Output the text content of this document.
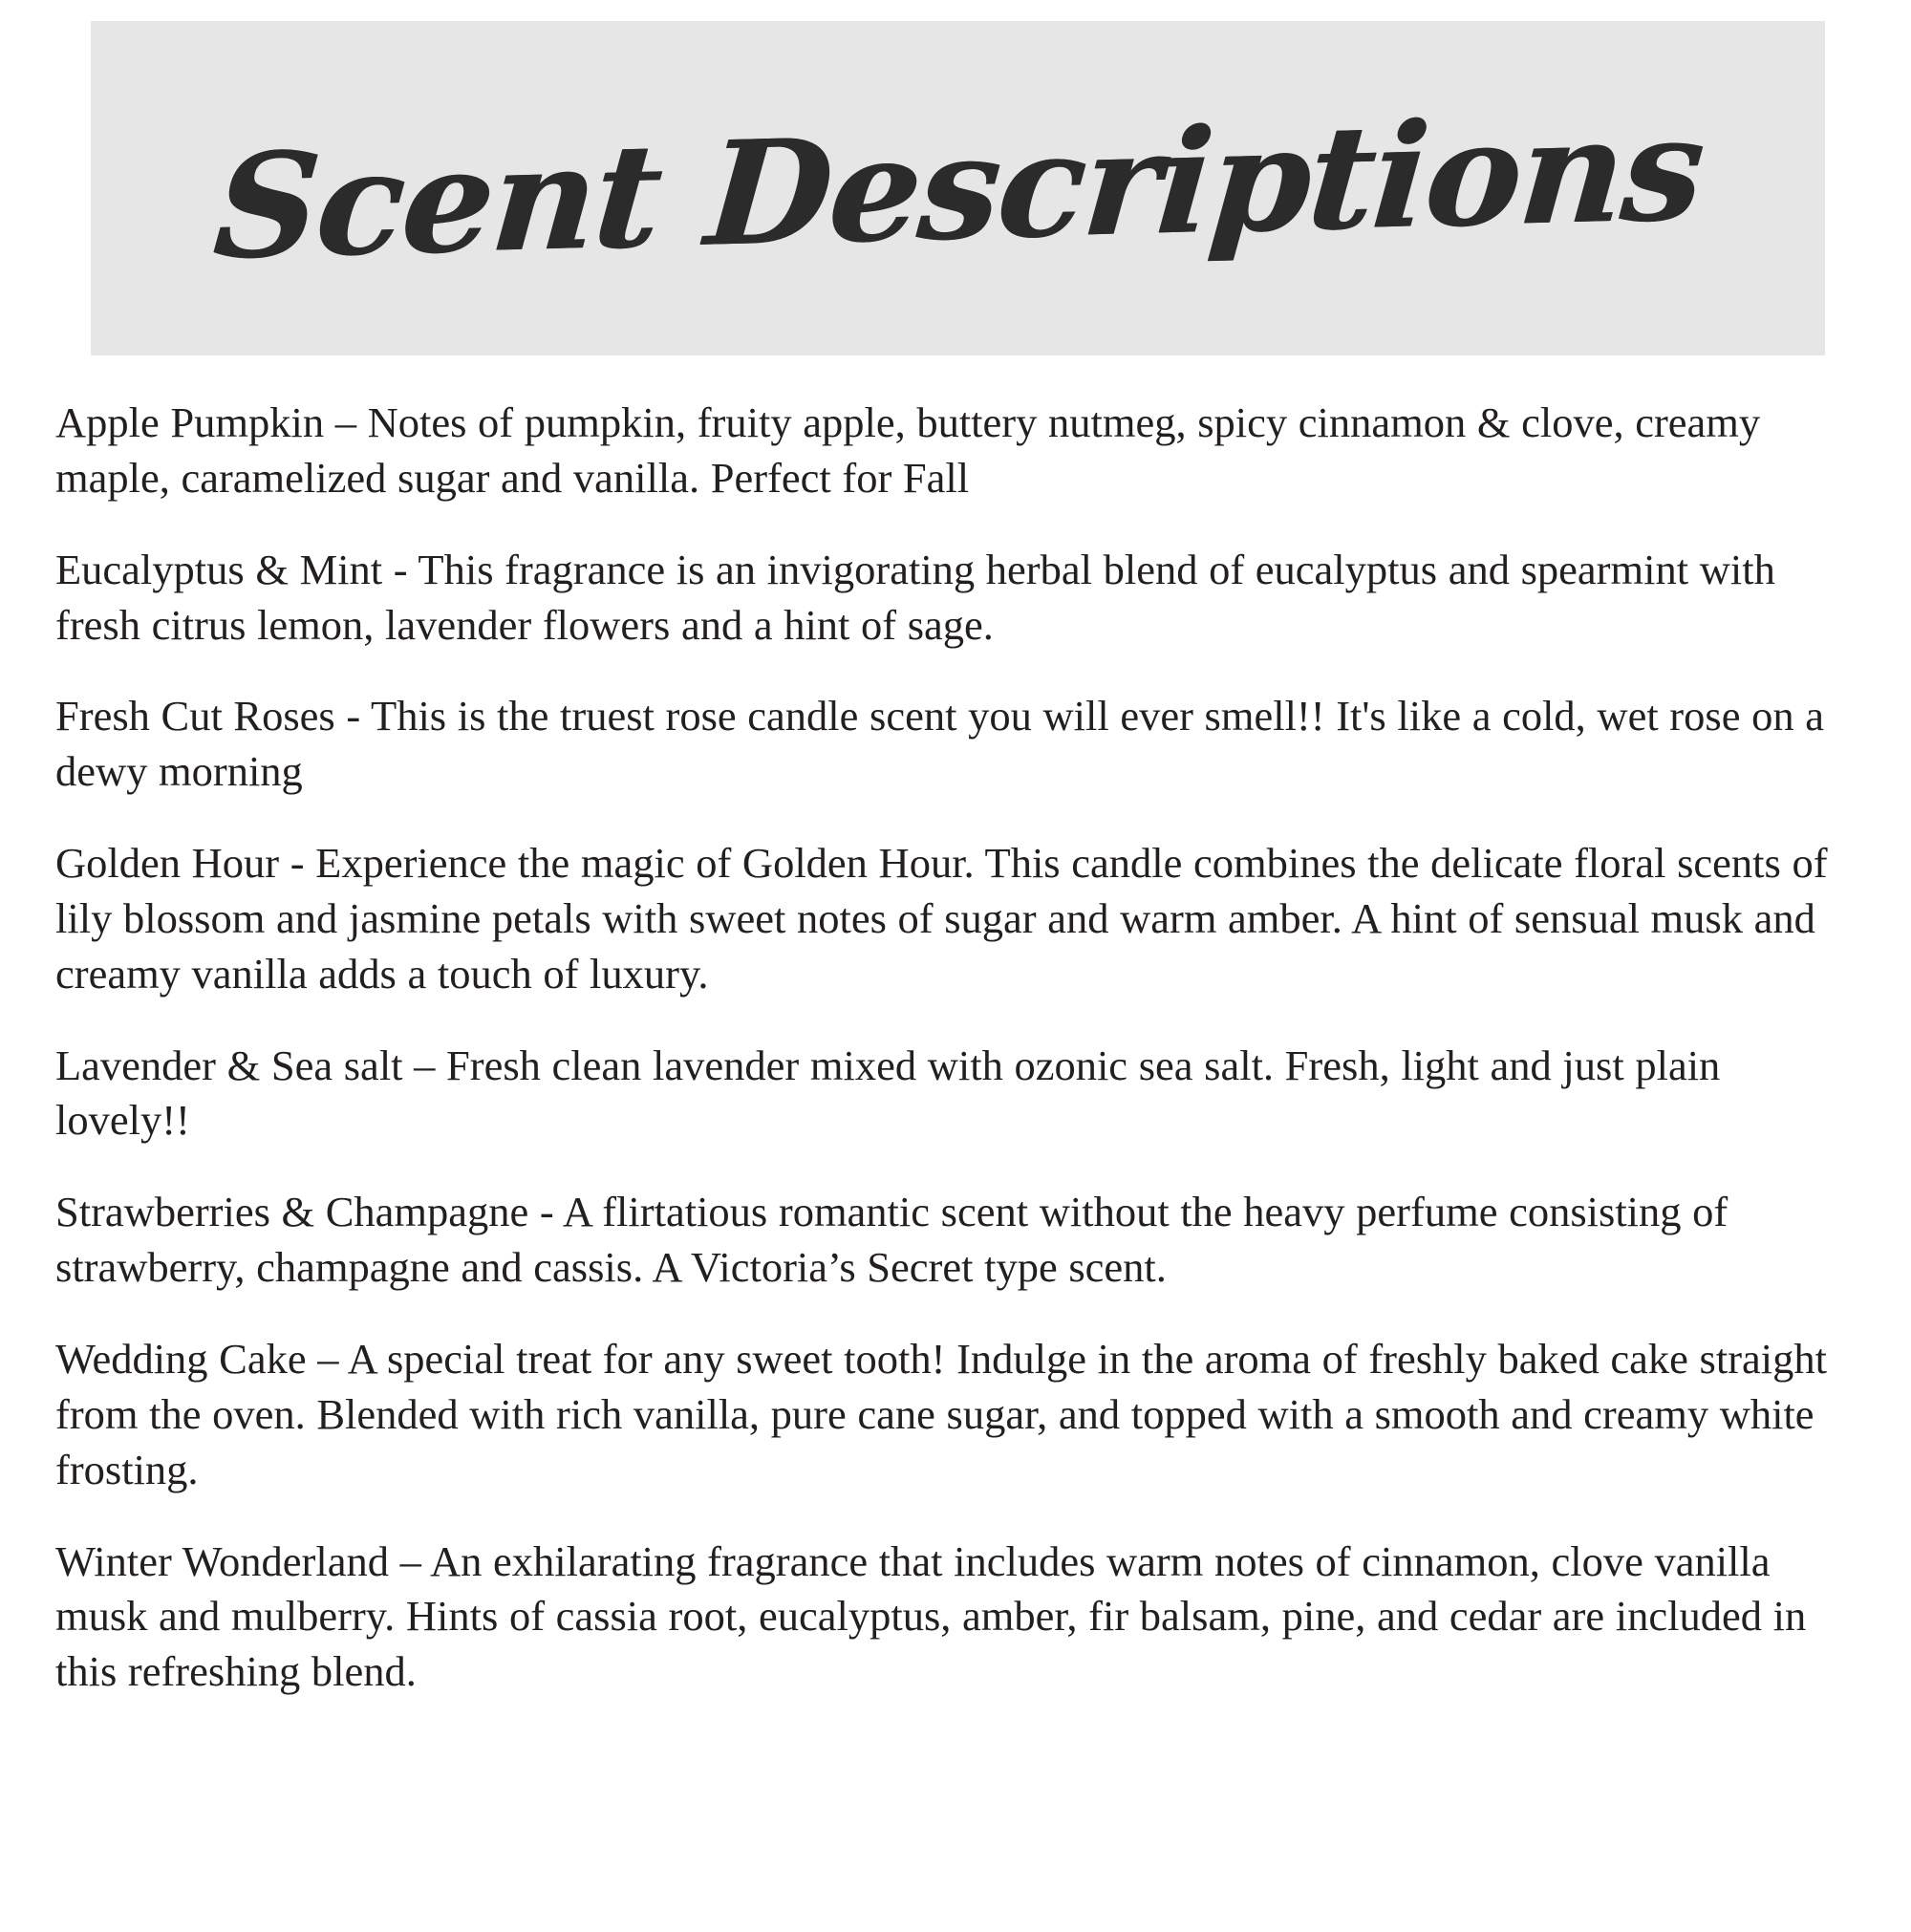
Scent Descriptions

Apple Pumpkin – Notes of pumpkin, fruity apple, buttery nutmeg, spicy cinnamon & clove, creamy maple, caramelized sugar and vanilla. Perfect for Fall

Eucalyptus & Mint - This fragrance is an invigorating herbal blend of eucalyptus and spearmint with fresh citrus lemon, lavender flowers and a hint of sage.

Fresh Cut Roses - This is the truest rose candle scent you will ever smell!! It's like a cold, wet rose on a dewy morning

Golden Hour - Experience the magic of Golden Hour. This candle combines the delicate floral scents of lily blossom and jasmine petals with sweet notes of sugar and warm amber. A hint of sensual musk and creamy vanilla adds a touch of luxury.

Lavender & Sea salt – Fresh clean lavender mixed with ozonic sea salt. Fresh, light and just plain lovely!!

Strawberries & Champagne - A flirtatious romantic scent without the heavy perfume consisting of strawberry, champagne and cassis. A Victoria’s Secret type scent.

Wedding Cake – A special treat for any sweet tooth! Indulge in the aroma of freshly baked cake straight from the oven. Blended with rich vanilla, pure cane sugar, and topped with a smooth and creamy white frosting.

Winter Wonderland – An exhilarating fragrance that includes warm notes of cinnamon, clove vanilla musk and mulberry. Hints of cassia root, eucalyptus, amber, fir balsam, pine, and cedar are included in this refreshing blend.
